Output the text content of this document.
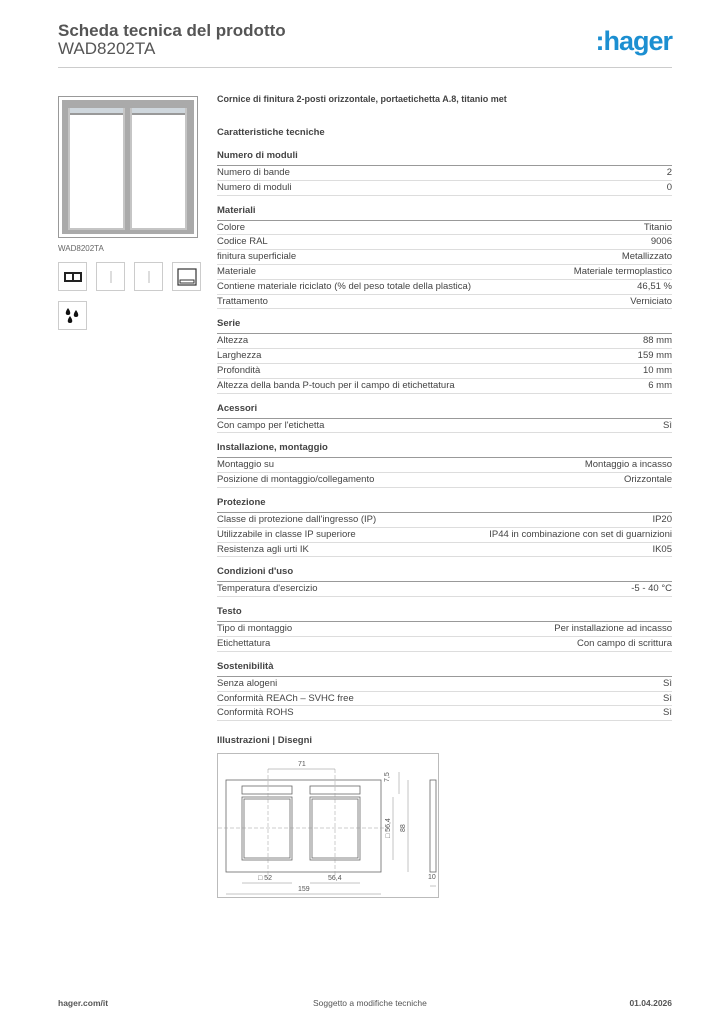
Scheda tecnica del prodotto
WAD8202TA	:hager
WAD8202TA
Cornice di finitura 2-posti orizzontale, portaetichetta A.8, titanio met
Caratteristiche tecniche
Numero di moduli
Numero di bande	2
Numero di moduli	0
Materiali
Colore	Titanio
Codice RAL	9006
finitura superficiale	Metallizzato
Materiale	Materiale termoplastico
Contiene materiale riciclato (% del peso totale della plastica)	46,51 %
Trattamento	Verniciato
Serie
Altezza	88 mm
Larghezza	159 mm
Profondità	10 mm
Altezza della banda P-touch per il campo di etichettatura	6 mm
Acessori
Con campo per l'etichetta	Sì
Installazione, montaggio
Montaggio su	Montaggio a incasso
Posizione di montaggio/collegamento	Orizzontale
Protezione
Classe di protezione dall'ingresso (IP)	IP20
Utilizzabile in classe IP superiore	IP44 in combinazione con set di guarnizioni
Resistenza agli urti IK	IK05
Condizioni d'uso
Temperatura d'esercizio	-5 - 40 °C
Testo
Tipo di montaggio	Per installazione ad incasso
Etichettatura	Con campo di scrittura
Sostenibilità
Senza alogeni	Sì
Conformità REACh – SVHC free	Sì
Conformità ROHS	Sì
Illustrazioni | Disegni
71
7,5
□ 56,4 88
□ 52	56,4
159
10
hager.com/it	Soggetto a modifiche tecniche	01.04.2026
